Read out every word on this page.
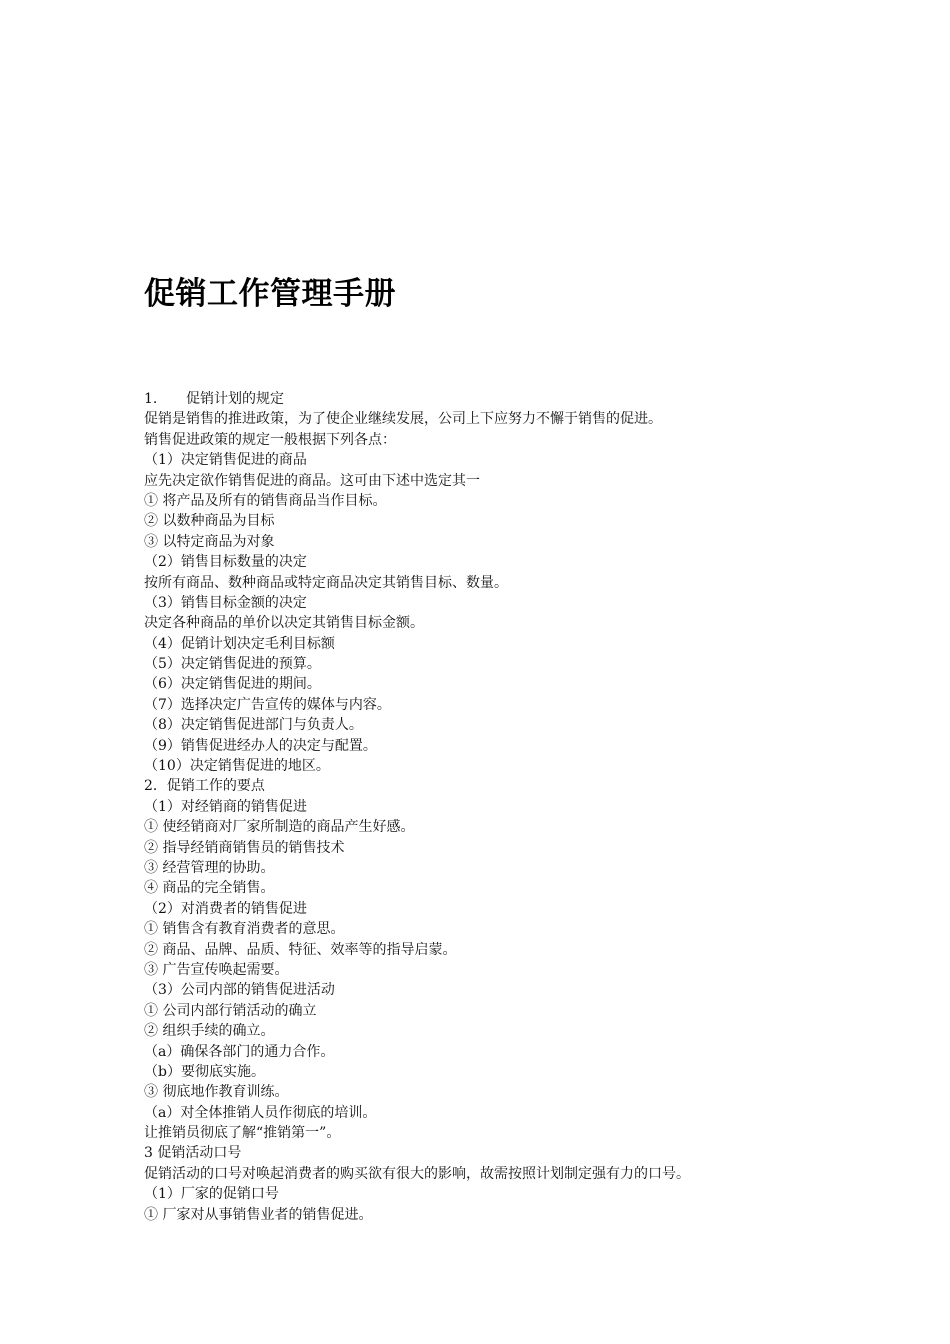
促销工作管理手册
1. 促销计划的规定
促销是销售的推进政策，为了使企业继续发展，公司上下应努力不懈于销售的促进。
销售促进政策的规定一般根据下列各点：
（1）决定销售促进的商品
应先决定欲作销售促进的商品。这可由下述中选定其一
① 将产品及所有的销售商品当作目标。
② 以数种商品为目标
③ 以特定商品为对象
（2）销售目标数量的决定
按所有商品、数种商品或特定商品决定其销售目标、数量。
（3）销售目标金额的决定
决定各种商品的单价以决定其销售目标金额。
（4）促销计划决定毛利目标额
（5）决定销售促进的预算。
（6）决定销售促进的期间。
（7）选择决定广告宣传的媒体与内容。
（8）决定销售促进部门与负责人。
（9）销售促进经办人的决定与配置。
（10）决定销售促进的地区。
2．促销工作的要点
（1）对经销商的销售促进
① 使经销商对厂家所制造的商品产生好感。
② 指导经销商销售员的销售技术
③ 经营管理的协助。
④ 商品的完全销售。
（2）对消费者的销售促进
① 销售含有教育消费者的意思。
② 商品、品牌、品质、特征、效率等的指导启蒙。
③ 广告宣传唤起需要。
（3）公司内部的销售促进活动
① 公司内部行销活动的确立
② 组织手续的确立。
（a）确保各部门的通力合作。
（b）要彻底实施。
③ 彻底地作教育训练。
（a）对全体推销人员作彻底的培训。
让推销员彻底了解“推销第一”。
3 促销活动口号
促销活动的口号对唤起消费者的购买欲有很大的影响，故需按照计划制定强有力的口号。
（1）厂家的促销口号
① 厂家对从事销售业者的销售促进。
